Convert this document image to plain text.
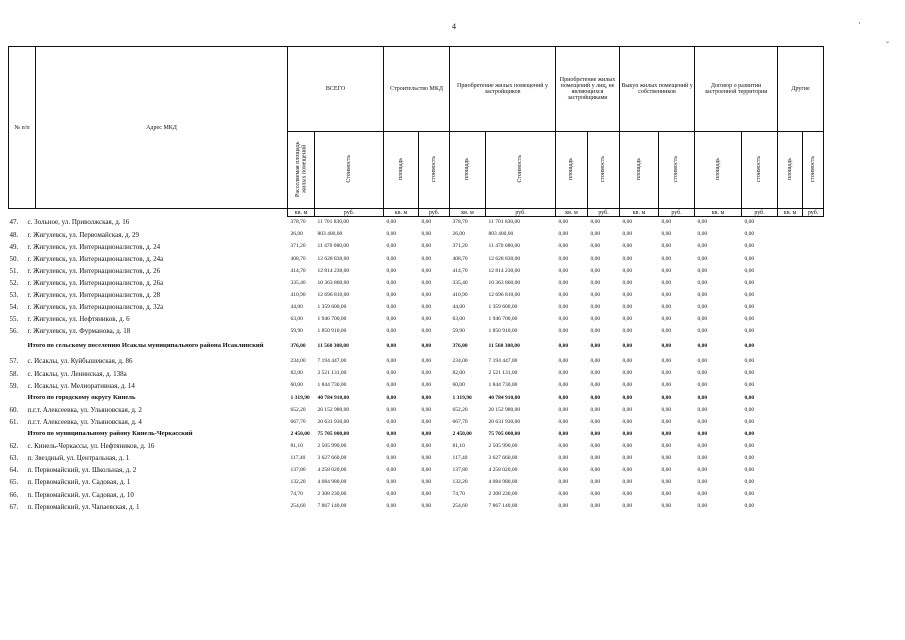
4	·
˘
№ п/п	Адрес МКД	ВСЕГО		Строительство МКД		Приобретение жилых помещений у застройщиков		Приобретение жилых помещений у лиц, не являющихся застройщиками		Выкуп жилых помещений у собственников		Договор о развитии застроенной территории		Другие	
		Расселяемая площадь жилых помещений	Стоимость	площадь	стоимость	площадь	Стоимость	площадь	стоимость	площадь	стоимость	площадь	стоимость	площадь	стоимость
		кв. м	руб.	кв. м	руб.	кв. м	руб.	кв. м	руб.	кв. м	руб.	кв. м	руб.	кв. м	руб.
47. с. Зольное, ул. Приволжская, д. 16		378,70	11 701 830,00	0,00	0,00	378,70	11 701 830,00	0,00	0,00	0,00	0,00	0,00	0,00		
48. г. Жигулевск, ул. Первомайская, д. 29		26,00	803 400,00	0,00	0,00	26,00	803 400,00	0,00	0,00	0,00	0,00	0,00	0,00		
49. г. Жигулевск, ул. Интернационалистов, д. 24		371,20	11 470 080,00	0,00	0,00	371,20	11 470 080,00	0,00	0,00	0,00	0,00	0,00	0,00		
50. г. Жигулевск, ул. Интернационалистов, д. 24а		408,70	12 628 830,00	0,00	0,00	408,70	12 628 830,00	0,00	0,00	0,00	0,00	0,00	0,00		
51. г. Жигулевск, ул. Интернационалистов, д. 26		414,70	12 814 230,00	0,00	0,00	414,70	12 814 230,00	0,00	0,00	0,00	0,00	0,00	0,00		
52. г. Жигулевск, ул. Интернационалистов, д. 26а		335,40	10 363 860,00	0,00	0,00	335,40	10 363 860,00	0,00	0,00	0,00	0,00	0,00	0,00		
53. г. Жигулевск, ул. Интернационалистов, д. 28		410,90	12 696 810,00	0,00	0,00	410,90	12 696 810,00	0,00	0,00	0,00	0,00	0,00	0,00		
54. г. Жигулевск, ул. Интернационалистов, д. 32а		44,00	1 359 600,00	0,00	0,00	44,00	1 359 600,00	0,00	0,00	0,00	0,00	0,00	0,00		
55. г. Жигулевск, ул. Нефтяников, д. 6		63,00	1 946 700,00	0,00	0,00	63,00	1 946 700,00	0,00	0,00	0,00	0,00	0,00	0,00		
56. г. Жигулевск, ул. Фурманова, д. 18		59,90	1 850 910,00	0,00	0,00	59,90	1 850 910,00	0,00	0,00	0,00	0,00	0,00	0,00		
Итого по сельскому поселению Исаклы муниципального района Исаклинский		376,00	11 560 308,00	0,00	0,00	376,00	11 560 308,00	0,00	0,00	0,00	0,00	0,00	0,00		
57. с. Исаклы, ул. Куйбышевская, д. 86		234,00	7 194 447,00	0,00	0,00	234,00	7 194 447,00	0,00	0,00	0,00	0,00	0,00	0,00		
58. с. Исаклы, ул. Ленинская, д. 138а		82,00	2 521 131,00	0,00	0,00	82,00	2 521 131,00	0,00	0,00	0,00	0,00	0,00	0,00		
59. с. Исаклы, ул. Мелиоративная, д. 14		60,00	1 844 730,00	0,00	0,00	60,00	1 844 730,00	0,00	0,00	0,00	0,00	0,00	0,00		
Итого по городскому округу Кинель		1 319,90	40 784 910,00	0,00	0,00	1 319,90	40 784 910,00	0,00	0,00	0,00	0,00	0,00	0,00		
60. п.г.т. Алексеевка, ул. Ульяновская, д. 2		652,20	20 152 980,00	0,00	0,00	652,20	20 152 980,00	0,00	0,00	0,00	0,00	0,00	0,00		
61. п.г.т. Алексеевка, ул. Ульяновская, д. 4		667,70	20 631 930,00	0,00	0,00	667,70	20 631 930,00	0,00	0,00	0,00	0,00	0,00	0,00		
Итого по муниципальному району Кинель-Черкасский		2 450,00	75 705 000,00	0,00	0,00	2 450,00	75 705 000,00	0,00	0,00	0,00	0,00	0,00	0,00		
62. с. Кинель-Черкассы, ул. Нефтяников, д. 16		81,10	2 505 990,00	0,00	0,00	81,10	2 505 990,00	0,00	0,00	0,00	0,00	0,00	0,00		
63. п. Звездный, ул. Центральная, д. 1		117,40	3 627 660,00	0,00	0,00	117,40	3 627 660,00	0,00	0,00	0,00	0,00	0,00	0,00		
64. п. Первомайский, ул. Школьная, д. 2		137,80	4 258 020,00	0,00	0,00	137,80	4 258 020,00	0,00	0,00	0,00	0,00	0,00	0,00		
65. п. Первомайский, ул. Садовая, д. 1		132,20	4 084 980,00	0,00	0,00	132,20	4 084 980,00	0,00	0,00	0,00	0,00	0,00	0,00		
66. п. Первомайский, ул. Садовая, д. 10		74,70	2 308 230,00	0,00	0,00	74,70	2 308 230,00	0,00	0,00	0,00	0,00	0,00	0,00		
67. п. Первомайский, ул. Чапаевская, д. 1		254,60	7 867 140,00	0,00	0,00	254,60	7 867 140,00	0,00	0,00	0,00	0,00	0,00	0,00		
